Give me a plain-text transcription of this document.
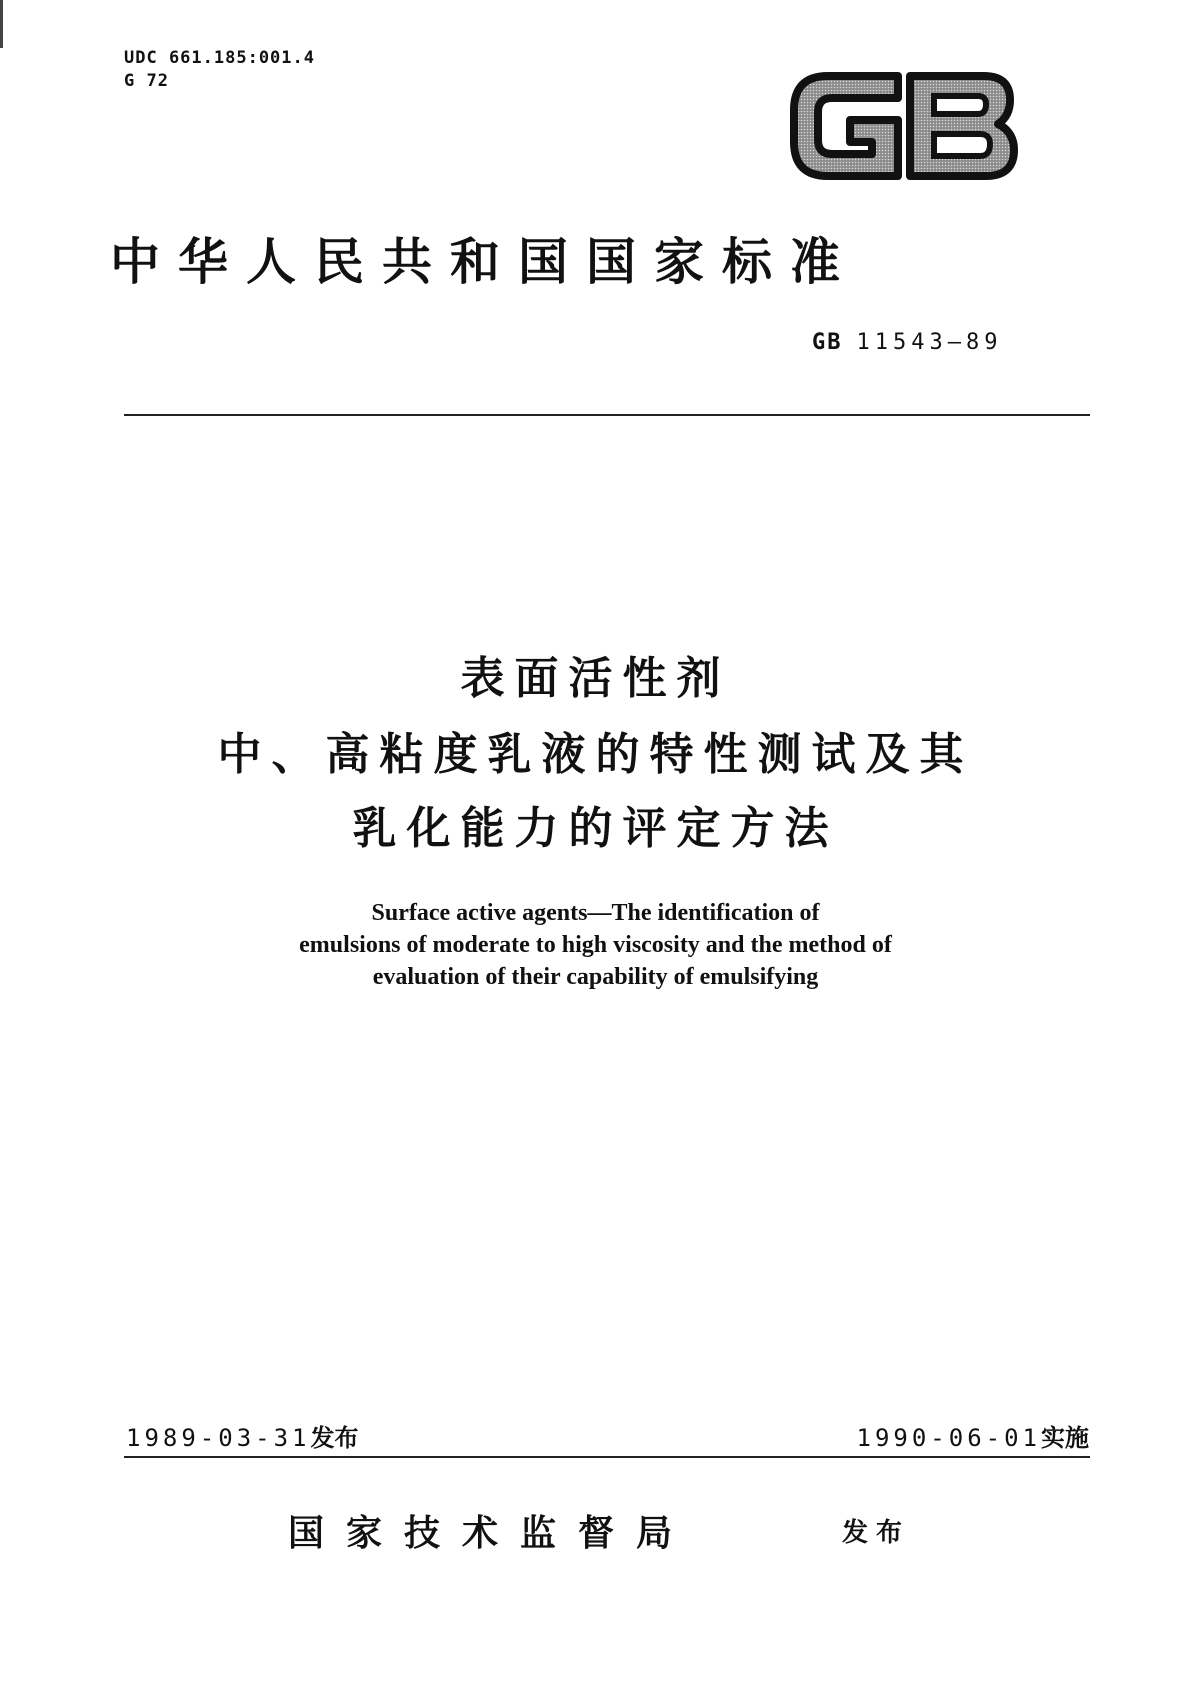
UDC 661.185:001.4
G 72
中华人民共和国国家标准
GB 11543—89
表面活性剂
中、高粘度乳液的特性测试及其
乳化能力的评定方法
Surface active agents—The identification of
emulsions of moderate to high viscosity and the method of
evaluation of their capability of emulsifying
1989-03-31发布	1990-06-01实施
国家技术监督局	发布
